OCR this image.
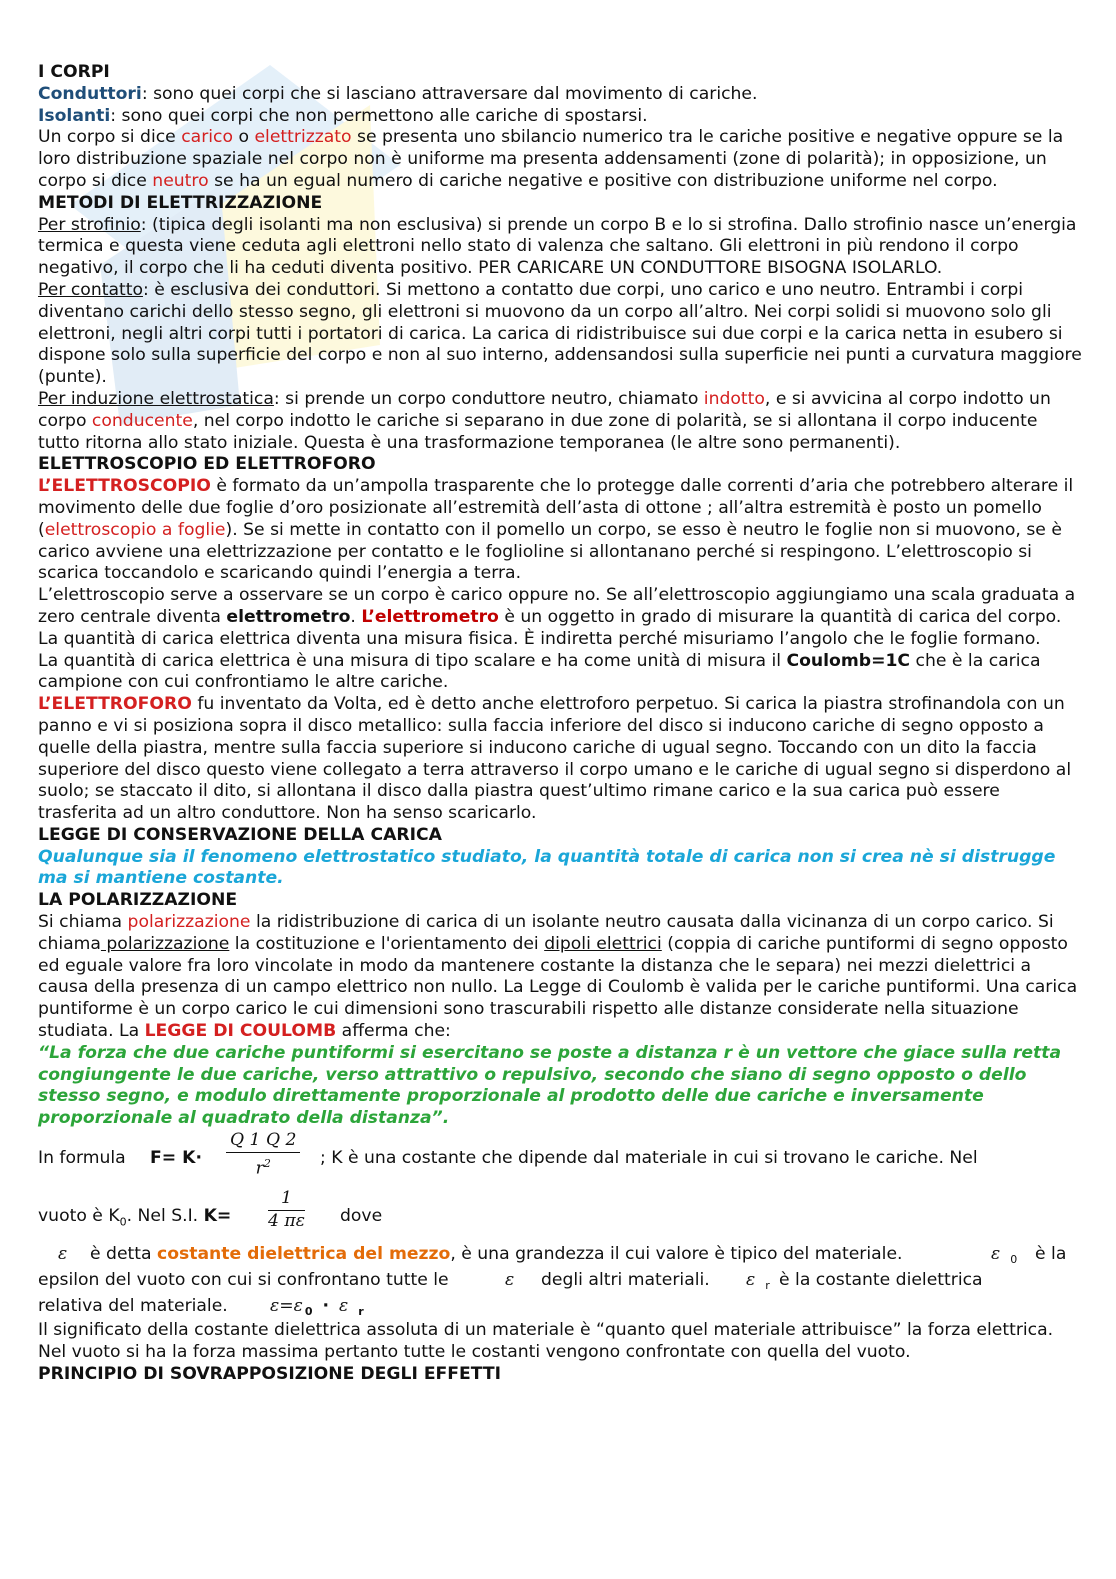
I CORPI

Conduttori: sono quei corpi che si lasciano attraversare dal movimento di cariche.

Isolanti: sono quei corpi che non permettono alle cariche di spostarsi.

Un corpo si dice carico o elettrizzato se presenta uno sbilancio numerico tra le cariche positive e negative oppure se la loro distribuzione spaziale nel corpo non è uniforme ma presenta addensamenti (zone di polarità); in opposizione, un corpo si dice neutro se ha un egual numero di cariche negative e positive con distribuzione uniforme nel corpo.

METODI DI ELETTRIZZAZIONE

Per strofinio: (tipica degli isolanti ma non esclusiva) si prende un corpo B e lo si strofina. Dallo strofinio nasce un’energia termica e questa viene ceduta agli elettroni nello stato di valenza che saltano. Gli elettroni in più rendono il corpo negativo, il corpo che li ha ceduti diventa positivo. PER CARICARE UN CONDUTTORE BISOGNA ISOLARLO.

Per contatto: è esclusiva dei conduttori. Si mettono a contatto due corpi, uno carico e uno neutro. Entrambi i corpi diventano carichi dello stesso segno, gli elettroni si muovono da un corpo all’altro. Nei corpi solidi si muovono solo gli elettroni, negli altri corpi tutti i portatori di carica. La carica di ridistribuisce sui due corpi e la carica netta in esubero si dispone solo sulla superficie del corpo e non al suo interno, addensandosi sulla superficie nei punti a curvatura maggiore (punte).

Per induzione elettrostatica: si prende un corpo conduttore neutro, chiamato indotto, e si avvicina al corpo indotto un corpo conducente, nel corpo indotto le cariche si separano in due zone di polarità, se si allontana il corpo inducente tutto ritorna allo stato iniziale. Questa è una trasformazione temporanea (le altre sono permanenti).

ELETTROSCOPIO ED ELETTROFORO

L’ELETTROSCOPIO è formato da un’ampolla trasparente che lo protegge dalle correnti d’aria che potrebbero alterare il movimento delle due foglie d’oro posizionate all’estremità dell’asta di ottone ; all’altra estremità è posto un pomello (elettroscopio a foglie). Se si mette in contatto con il pomello un corpo, se esso è neutro le foglie non si muovono, se è carico avviene una elettrizzazione per contatto e le fogliolinе si allontanano perché si respingono. L’elettroscopio si scarica toccandolo e scaricando quindi l’energia a terra.

L’elettroscopio serve a osservare se un corpo è carico oppure no. Se all’elettroscopio aggiungiamo una scala graduata a zero centrale diventa elettrometro. L’elettrometro è un oggetto in grado di misurare la quantità di carica del corpo. La quantità di carica elettrica diventa una misura fisica. È indiretta perché misuriamo l’angolo che le foglie formano.

La quantità di carica elettrica è una misura di tipo scalare e ha come unità di misura il Coulomb=1C che è la carica campione con cui confrontiamo le altre cariche.

L’ELETTROFORO fu inventato da Volta, ed è detto anche elettroforo perpetuo. Si carica la piastra strofinandola con un panno e vi si posiziona sopra il disco metallico: sulla faccia inferiore del disco si inducono cariche di segno opposto a quelle della piastra, mentre sulla faccia superiore si inducono cariche di ugual segno. Toccando con un dito la faccia superiore del disco questo viene collegato a terra attraverso il corpo umano e le cariche di ugual segno si disperdono al suolo; se staccato il dito, si allontana il disco dalla piastra quest’ultimo rimane carico e la sua carica può essere trasferita ad un altro conduttore. Non ha senso scaricarlo.

LEGGE DI CONSERVAZIONE DELLA CARICA

Qualunque sia il fenomeno elettrostatico studiato, la quantità totale di carica non si crea nè si distrugge ma si mantiene costante.

LA POLARIZZAZIONE

Si chiama polarizzazione la ridistribuzione di carica di un isolante neutro causata dalla vicinanza di un corpo carico. Si chiama polarizzazione la costituzione e l'orientamento dei dipoli elettrici (coppia di cariche puntiformi di segno opposto ed eguale valore fra loro vincolate in modo da mantenere costante la distanza che le separa) nei mezzi dielettrici a causa della presenza di un campo elettrico non nullo. La Legge di Coulomb è valida per le cariche puntiformi. Una carica puntiforme è un corpo carico le cui dimensioni sono trascurabili rispetto alle distanze considerate nella situazione studiata. La LEGGE DI COULOMB afferma che:

“La forza che due cariche puntiformi si esercitano se poste a distanza r è un vettore che giace sulla retta congiungente le due cariche, verso attrattivo o repulsivo, secondo che siano di segno opposto o dello stesso segno, e modulo direttamente proporzionale al prodotto delle due cariche e inversamente proporzionale al quadrato della distanza”.

In formula $F= K\cdot \frac{Q 1 Q 2}{r^2}$ ; K è una costante che dipende dal materiale in cui si trovano le cariche. Nel
vuoto è $K_0$. Nel S.I. $K= \frac{1}{4 \pi\varepsilon}$ dove
ε è detta costante dielettrica del mezzo, è una grandezza il cui valore è tipico del materiale.	ε $_0$ è la
epsilon del vuoto con cui si confrontano tutte le	ε degli altri materiali. ε $_r$ è la costante dielettrica
relativa del materiale. ε=ε $_0$ · ε $_r$

Il significato della costante dielettrica assoluta di un materiale è “quanto quel materiale attribuisce” la forza elettrica. Nel vuoto si ha la forza massima pertanto tutte le costanti vengono confrontate con quella del vuoto.

PRINCIPIO DI SOVRAPPOSIZIONE DEGLI EFFETTI
